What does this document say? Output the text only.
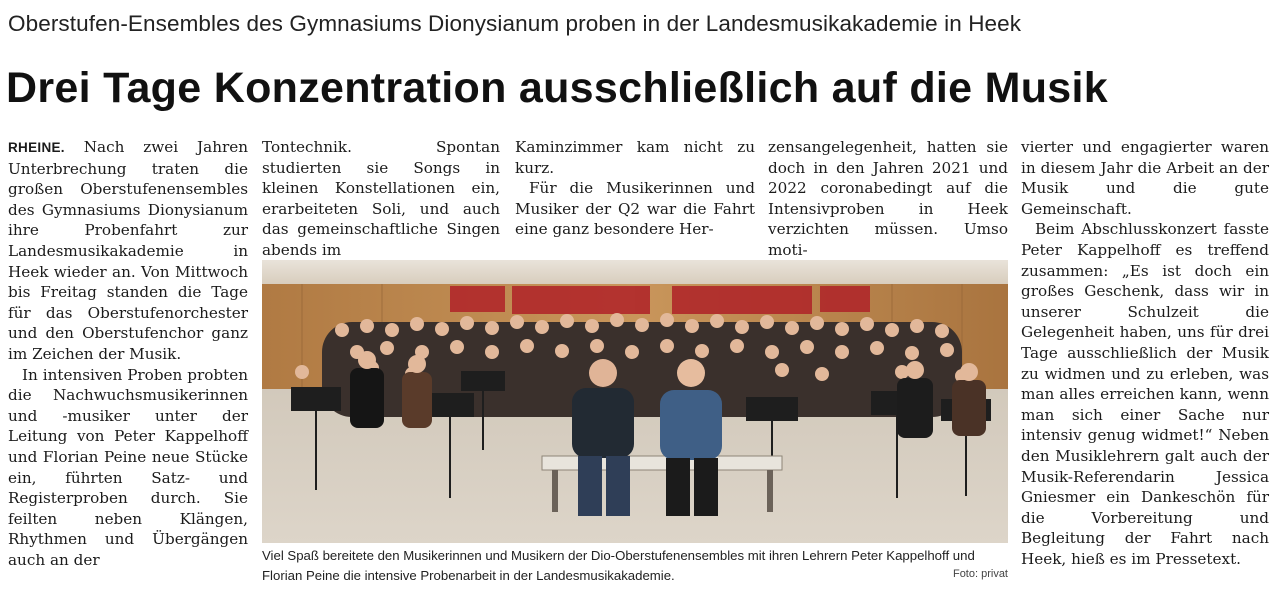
Oberstufen-Ensembles des Gymnasiums Dionysianum proben in der Landesmusikakademie in Heek
Drei Tage Konzentration ausschließlich auf die Musik

RHEINE. Nach zwei Jahren Unterbrechung traten die großen Oberstufenensembles des Gymnasiums Dionysianum ihre Probenfahrt zur Landesmusikakademie in Heek wieder an. Von Mittwoch bis Freitag standen die Tage für das Oberstufenorchester und den Oberstufenchor ganz im Zeichen der Musik.

In intensiven Proben probten die Nachwuchsmusikerinnen und -musiker unter der Leitung von Peter Kappelhoff und Florian Peine neue Stücke ein, führten Satz- und Registerproben durch. Sie feilten neben Klängen, Rhythmen und Übergängen auch an der

Tontechnik. Spontan studierten sie Songs in kleinen Konstellationen ein, erarbeiteten Soli, und auch das gemeinschaftliche Singen abends im

Kaminzimmer kam nicht zu kurz.

Für die Musikerinnen und Musiker der Q2 war die Fahrt eine ganz besondere Her-

zensangelegenheit, hatten sie doch in den Jahren 2021 und 2022 coronabedingt auf die Intensivproben in Heek verzichten müssen. Umso moti-

vierter und engagierter waren in diesem Jahr die Arbeit an der Musik und die gute Gemeinschaft.

Beim Abschlusskonzert fasste Peter Kappelhoff es treffend zusammen: „Es ist doch ein großes Geschenk, dass wir in unserer Schulzeit die Gelegenheit haben, uns für drei Tage ausschließlich der Musik zu widmen und zu erleben, was man alles erreichen kann, wenn man sich einer Sache nur intensiv genug widmet!“ Neben den Musiklehrern galt auch der Musik-Referendarin Jessica Gniesmer ein Dankeschön für die Vorbereitung und Begleitung der Fahrt nach Heek, hieß es im Pressetext.

Viel Spaß bereitete den Musikerinnen und Musikern der Dio-Oberstufenensembles mit ihren Lehrern Peter Kappelhoff und Florian Peine die intensive Probenarbeit in der Landesmusikakademie.	Foto: privat
